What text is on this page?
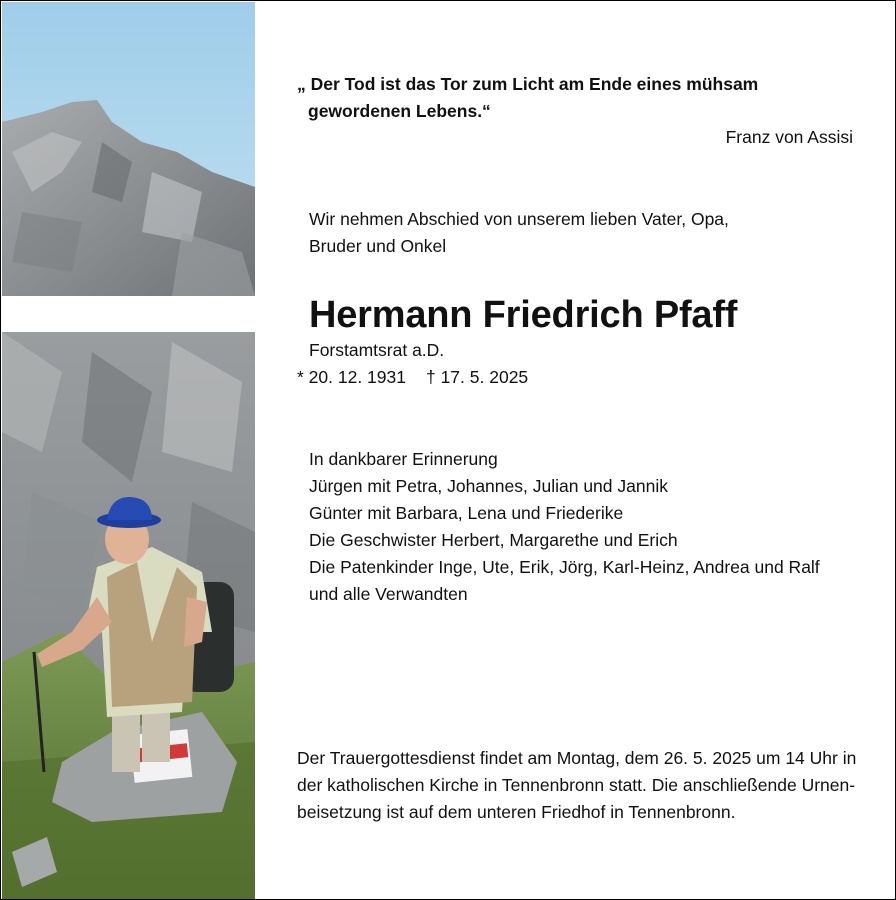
„ Der Tod ist das Tor zum Licht am Ende eines mühsam
gewordenen Lebens.“
Franz von Assisi
Wir nehmen Abschied von unserem lieben Vater, Opa,
Bruder und Onkel
Hermann Friedrich Pfaff
Forstamtsrat a.D.
* 20. 12. 1931 † 17. 5. 2025
In dankbarer Erinnerung
Jürgen mit Petra, Johannes, Julian und Jannik
Günter mit Barbara, Lena und Friederike
Die Geschwister Herbert, Margarethe und Erich
Die Patenkinder Inge, Ute, Erik, Jörg, Karl-Heinz, Andrea und Ralf
und alle Verwandten
Der Trauergottesdienst findet am Montag, dem 26. 5. 2025 um 14 Uhr in
der katholischen Kirche in Tennenbronn statt. Die anschließende Urnen-
beisetzung ist auf dem unteren Friedhof in Tennenbronn.
